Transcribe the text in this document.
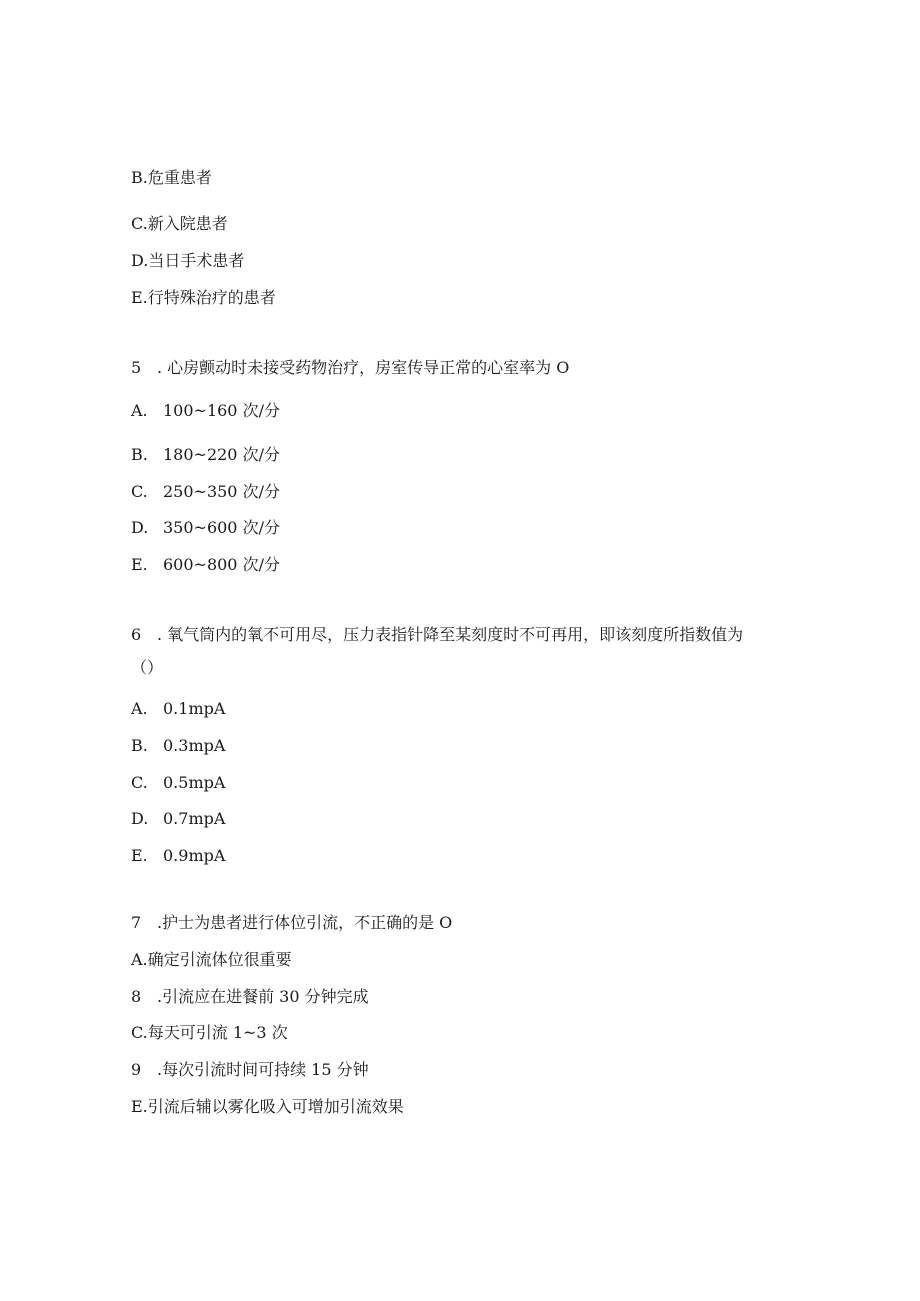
B.危重患者
C.新入院患者
D.当日手术患者
E.行特殊治疗的患者
5 . 心房颤动时未接受药物治疗，房室传导正常的心室率为 O
A. 100~160 次/分
B. 180~220 次/分
C. 250~350 次/分
D. 350~600 次/分
E. 600~800 次/分
6 . 氧气筒内的氧不可用尽，压力表指针降至某刻度时不可再用，即该刻度所指数值为
（）
A. 0.1mpA
B. 0.3mpA
C. 0.5mpA
D. 0.7mpA
E. 0.9mpA
7 .护士为患者进行体位引流，不正确的是 O
A.确定引流体位很重要
8 .引流应在进餐前 30 分钟完成
C.每天可引流 1~3 次
9 .每次引流时间可持续 15 分钟
E.引流后辅以雾化吸入可增加引流效果
